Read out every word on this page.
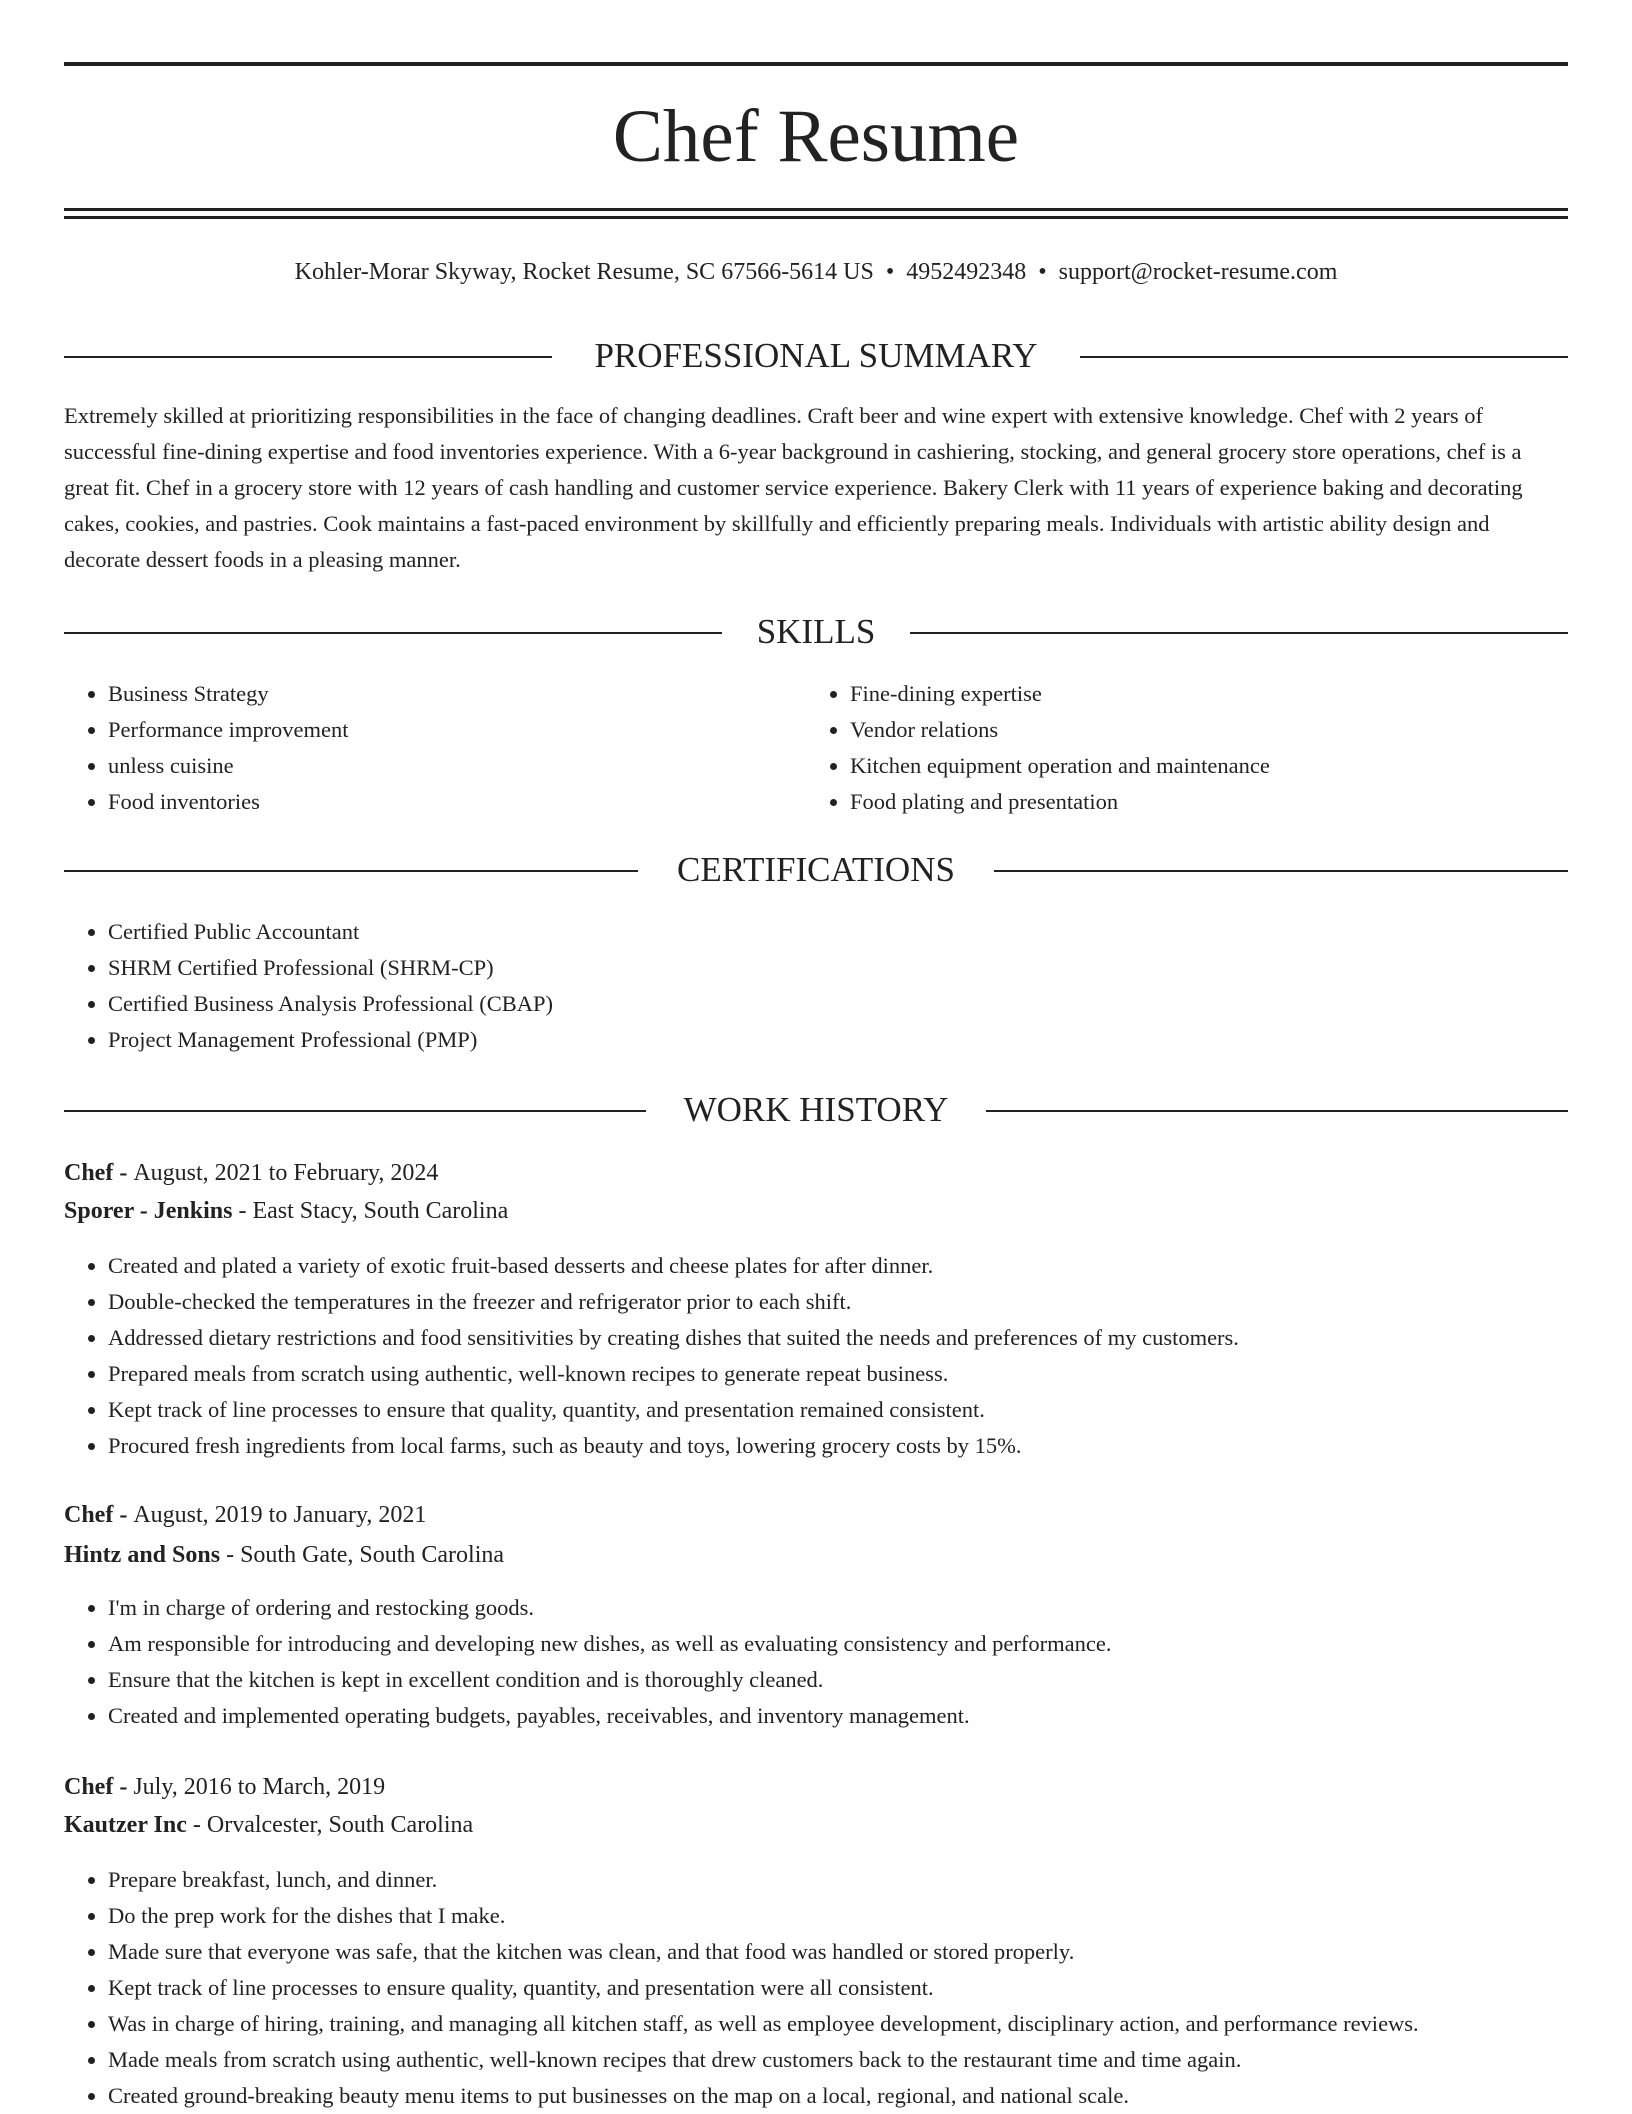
Chef Resume
Kohler-Morar Skyway, Rocket Resume, SC 67566-5614 US • 4952492348 • support@rocket-resume.com
PROFESSIONAL SUMMARY
Extremely skilled at prioritizing responsibilities in the face of changing deadlines. Craft beer and wine expert with extensive knowledge. Chef with 2 years of successful fine-dining expertise and food inventories experience. With a 6-year background in cashiering, stocking, and general grocery store operations, chef is a great fit. Chef in a grocery store with 12 years of cash handling and customer service experience. Bakery Clerk with 11 years of experience baking and decorating cakes, cookies, and pastries. Cook maintains a fast-paced environment by skillfully and efficiently preparing meals. Individuals with artistic ability design and decorate dessert foods in a pleasing manner.
SKILLS
• Business Strategy
• Performance improvement
• unless cuisine
• Food inventories
• Fine-dining expertise
• Vendor relations
• Kitchen equipment operation and maintenance
• Food plating and presentation
CERTIFICATIONS
• Certified Public Accountant
• SHRM Certified Professional (SHRM-CP)
• Certified Business Analysis Professional (CBAP)
• Project Management Professional (PMP)
WORK HISTORY
Chef - August, 2021 to February, 2024
Sporer - Jenkins - East Stacy, South Carolina
• Created and plated a variety of exotic fruit-based desserts and cheese plates for after dinner.
• Double-checked the temperatures in the freezer and refrigerator prior to each shift.
• Addressed dietary restrictions and food sensitivities by creating dishes that suited the needs and preferences of my customers.
• Prepared meals from scratch using authentic, well-known recipes to generate repeat business.
• Kept track of line processes to ensure that quality, quantity, and presentation remained consistent.
• Procured fresh ingredients from local farms, such as beauty and toys, lowering grocery costs by 15%.
Chef - August, 2019 to January, 2021
Hintz and Sons - South Gate, South Carolina
• I'm in charge of ordering and restocking goods.
• Am responsible for introducing and developing new dishes, as well as evaluating consistency and performance.
• Ensure that the kitchen is kept in excellent condition and is thoroughly cleaned.
• Created and implemented operating budgets, payables, receivables, and inventory management.
Chef - July, 2016 to March, 2019
Kautzer Inc - Orvalcester, South Carolina
• Prepare breakfast, lunch, and dinner.
• Do the prep work for the dishes that I make.
• Made sure that everyone was safe, that the kitchen was clean, and that food was handled or stored properly.
• Kept track of line processes to ensure quality, quantity, and presentation were all consistent.
• Was in charge of hiring, training, and managing all kitchen staff, as well as employee development, disciplinary action, and performance reviews.
• Made meals from scratch using authentic, well-known recipes that drew customers back to the restaurant time and time again.
• Created ground-breaking beauty menu items to put businesses on the map on a local, regional, and national scale.
